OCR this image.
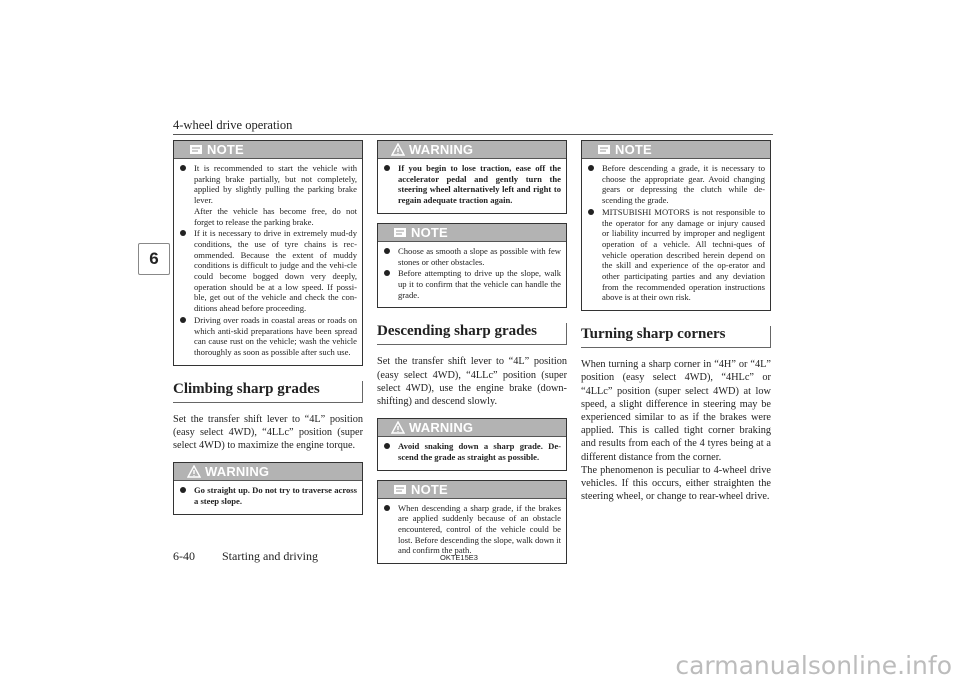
4-wheel drive operation
6
NOTE
It is recommended to start the vehicle with parking brake partially, but not completely, applied by slightly pulling the parking brake lever.
After the vehicle has become free, do not forget to release the parking brake.
If it is necessary to drive in extremely mud-dy conditions, the use of tyre chains is rec-ommended. Because the extent of muddy conditions is difficult to judge and the vehi-cle could become bogged down very deeply, operation should be at a low speed. If possi-ble, get out of the vehicle and check the con-ditions ahead before proceeding.
Driving over roads in coastal areas or roads on which anti-skid preparations have been spread can cause rust on the vehicle; wash the vehicle thoroughly as soon as possible after such use.
Climbing sharp grades
Set the transfer shift lever to “4L” position (easy select 4WD), “4LLc” position (super select 4WD) to maximize the engine torque.
WARNING
Go straight up. Do not try to traverse across a steep slope.
WARNING
If you begin to lose traction, ease off the accelerator pedal and gently turn the steering wheel alternatively left and right to regain adequate traction again.
NOTE
Choose as smooth a slope as possible with few stones or other obstacles.
Before attempting to drive up the slope, walk up it to confirm that the vehicle can handle the grade.
Descending sharp grades
Set the transfer shift lever to “4L” position (easy select 4WD), “4LLc” position (super select 4WD), use the engine brake (down-shifting) and descend slowly.
WARNING
Avoid snaking down a sharp grade. De-scend the grade as straight as possible.
NOTE
When descending a sharp grade, if the brakes are applied suddenly because of an obstacle encountered, control of the vehicle could be lost. Before descending the slope, walk down it and confirm the path.
NOTE
Before descending a grade, it is necessary to choose the appropriate gear. Avoid changing gears or depressing the clutch while de-scending the grade.
MITSUBISHI MOTORS is not responsible to the operator for any damage or injury caused or liability incurred by improper and negligent operation of a vehicle. All techni-ques of vehicle operation described herein depend on the skill and experience of the op-erator and other participating parties and any deviation from the recommended operation instructions above is at their own risk.
Turning sharp corners
When turning a sharp corner in “4H” or “4L” position (easy select 4WD), “4HLc” or “4LLc” position (super select 4WD) at low speed, a slight difference in steering may be experienced similar to as if the brakes were applied. This is called tight corner braking and results from each of the 4 tyres being at a different distance from the corner.
The phenomenon is peculiar to 4-wheel drive vehicles. If this occurs, either straighten the steering wheel, or change to rear-wheel drive.
6-40 Starting and driving	OKTE15E3
carmanualsonline.info
